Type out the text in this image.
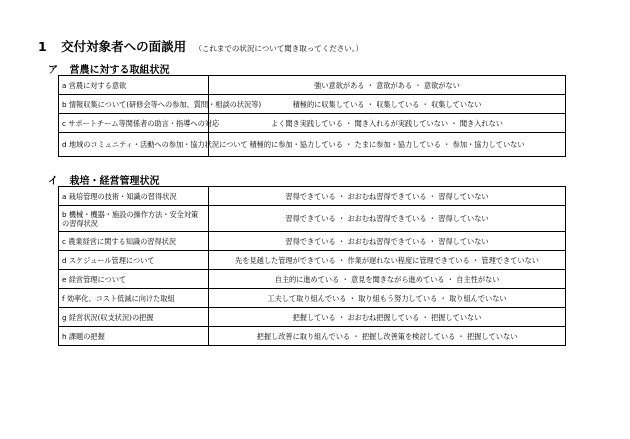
1 交付対象者への面談用 （これまでの状況について聞き取ってください。）
ア 営農に対する取組状況
a 営農に対する意欲	強い意欲がある ・ 意欲がある ・ 意欲がない
b 情報収集について(研修会等への参加、質問・相談の状況等)	積極的に収集している ・ 収集している ・ 収集していない
c サポートチーム等関係者の助言・指導への対応	よく聞き実践している ・ 聞き入れるが実践していない ・ 聞き入れない
d 地域のコミュニティ・活動への参加・協力状況について	積極的に参加・協力している ・ たまに参加・協力している ・ 参加・協力していない
イ 栽培・経営管理状況
a 栽培管理の技術・知識の習得状況	習得できている ・ おおむね習得できている ・ 習得していない
b 機械・機器・施設の操作方法・安全対策の習得状況	習得できている ・ おおむね習得できている ・ 習得していない
c 農業経営に関する知識の習得状況	習得できている ・ おおむね習得できている ・ 習得していない
d スケジュール管理について	先を見越した管理ができている ・ 作業が遅れない程度に管理できている ・ 管理できていない
e 経営管理について	自主的に進めている ・ 意見を聞きながら進めている ・ 自主性がない
f 効率化、コスト低減に向けた取組	工夫して取り組んでいる ・ 取り組もう努力している ・ 取り組んでいない
g 経営状況(収支状況)の把握	把握している ・ おおむね把握している ・ 把握していない
h 課題の把握	把握し改善に取り組んでいる ・ 把握し改善策を検討している ・ 把握していない
